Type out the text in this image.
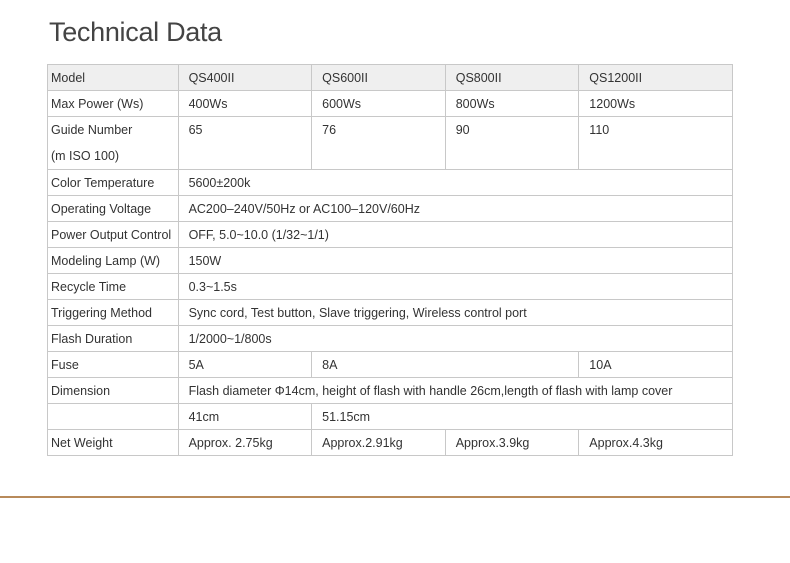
Technical Data
Model	QS400II	QS600II	QS800II	QS1200II
Max Power (Ws)	400Ws	600Ws	800Ws	1200Ws

Guide Number
(m ISO 100)	65	76	90	110

Color Temperature	5600±200k			
Operating Voltage	AC200–240V/50Hz or AC100–120V/60Hz			
Power Output Control	OFF, 5.0~10.0 (1/32~1/1)			
Modeling Lamp (W)	150W			
Recycle Time	0.3~1.5s			
Triggering Method	Sync cord, Test button, Slave triggering, Wireless control port			
Flash Duration	1/2000~1/800s			
Fuse	5A	8A		10A
Dimension	Flash diameter Φ14cm, height of flash with handle 26cm,length of flash with lamp cover			
	41cm	51.15cm		
Net Weight	Approx. 2.75kg	Approx.2.91kg	Approx.3.9kg	Approx.4.3kg
